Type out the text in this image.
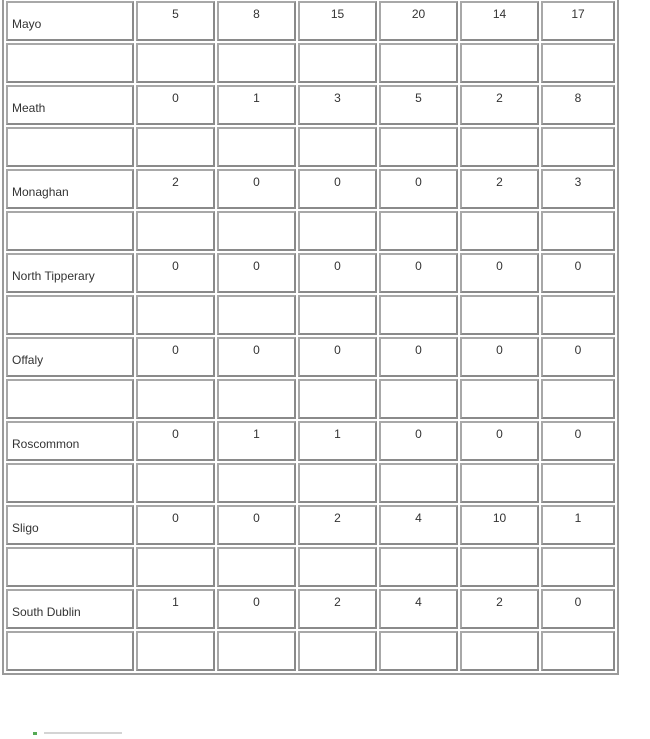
Mayo	5	8	15	20	14	17

Meath	0	1	3	5	2	8

Monaghan	2	0	0	0	2	3

North Tipperary	0	0	0	0	0	0

Offaly	0	0	0	0	0	0

Roscommon	0	1	1	0	0	0

Sligo	0	0	2	4	10	1

South Dublin	1	0	2	4	2	0
